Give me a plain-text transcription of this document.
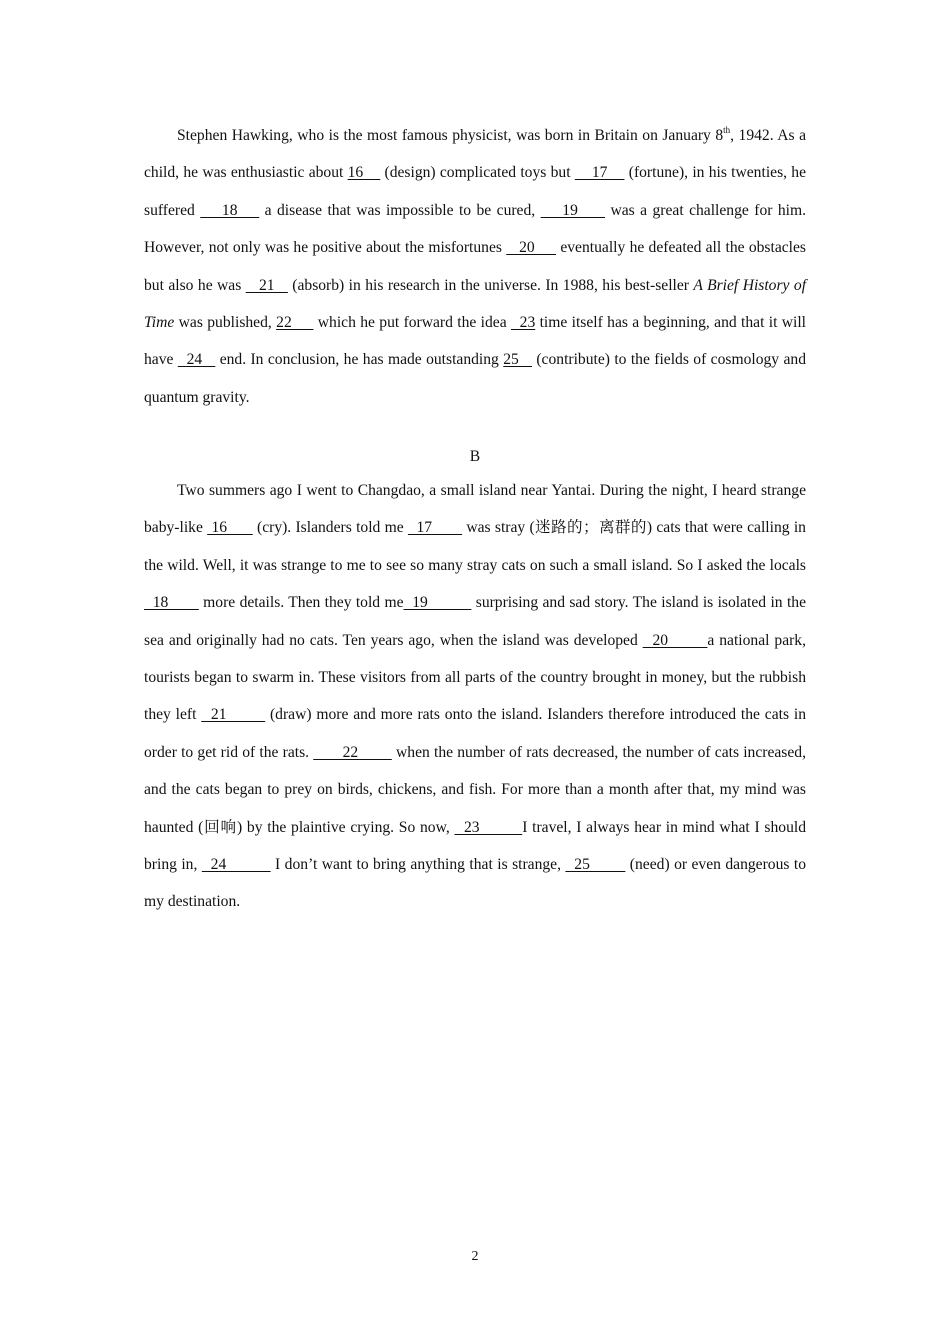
Stephen Hawking, who is the most famous physicist, was born in Britain on January 8th, 1942. As a child, he was enthusiastic about 16     (design) complicated toys but     17     (fortune), in his twenties, he suffered     18     a disease that was impossible to be cured,     19      was a great challenge for him. However, not only was he positive about the misfortunes    20      eventually he defeated all the obstacles but also he was    21    (absorb) in his research in the universe. In 1988, his best-seller A Brief History of Time was published, 22      which he put forward the idea   23 time itself has a beginning, and that it will have   24    end. In conclusion, he has made outstanding 25    (contribute) to the fields of cosmology and quantum gravity.

B

Two summers ago I went to Changdao, a small island near Yantai. During the night, I heard strange baby-like  16       (cry). Islanders told me   17        was stray (迷路的；离群的) cats that were calling in the wild. Well, it was strange to me to see so many stray cats on such a small island. So I asked the locals  18        more details. Then they told me  19           surprising and sad story. The island is isolated in the sea and originally had no cats. Ten years ago, when the island was developed   20        a national park, tourists began to swarm in. These visitors from all parts of the country brought in money, but the rubbish they left   21         (draw) more and more rats onto the island. Islanders therefore introduced the cats in order to get rid of the rats.        22         when the number of rats decreased, the number of cats increased, and the cats began to prey on birds, chickens, and fish. For more than a month after that, my mind was haunted (回响) by the plaintive crying. So now,   23         I travel, I always hear in mind what I should bring in,   24           I don’t want to bring anything that is strange,   25         (need) or even dangerous to my destination.

2
